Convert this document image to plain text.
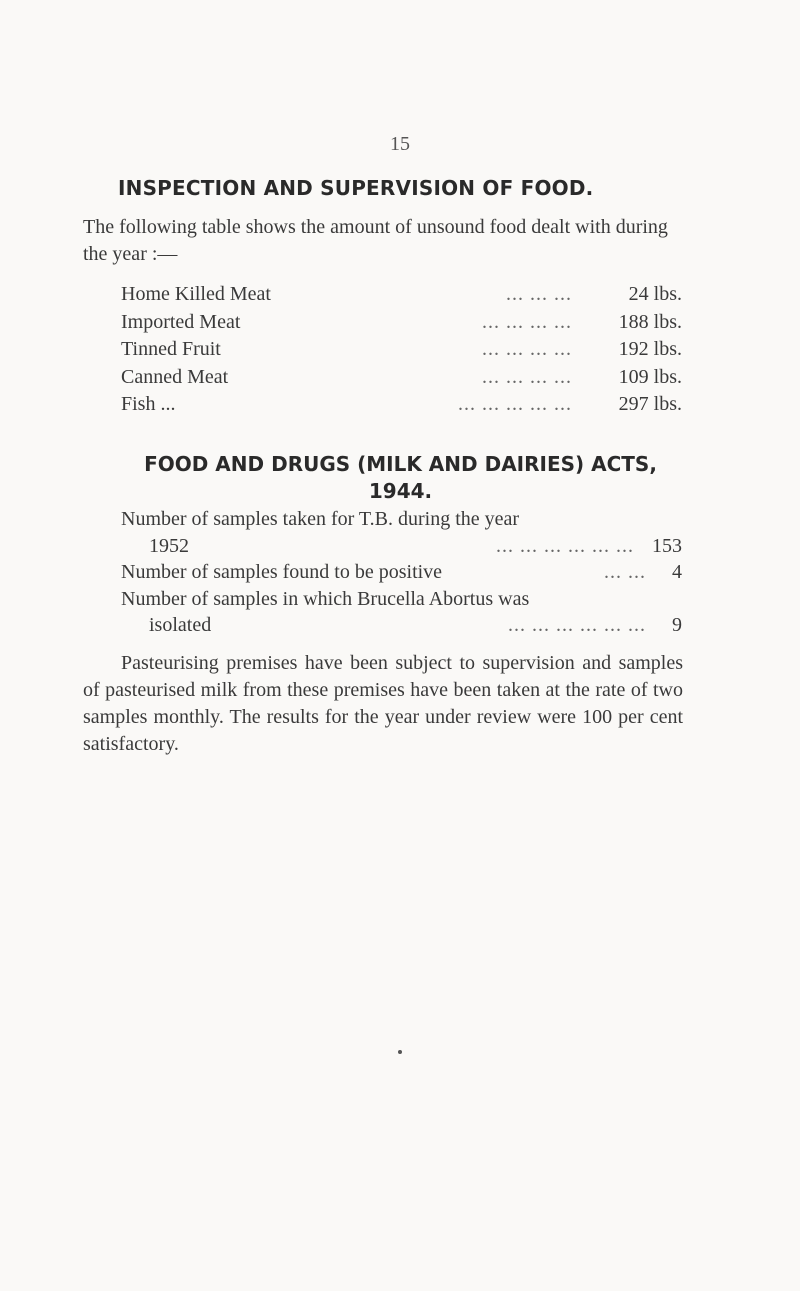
15
INSPECTION AND SUPERVISION OF FOOD.

The following table shows the amount of unsound food dealt with during the year :—

Home Killed Meat	... ... ...	24 lbs.
Imported Meat	... ... ... ...	188 lbs.
Tinned Fruit	... ... ... ...	192 lbs.
Canned Meat	... ... ... ...	109 lbs.
Fish ...	... ... ... ... ...	297 lbs.
FOOD AND DRUGS (MILK AND DAIRIES) ACTS, 1944.
Number of samples taken for T.B. during the year
1952	... ... ... ... ... ... 153
Number of samples found to be positive	... ...	4
Number of samples in which Brucella Abortus was
isolated	... ... ... ... ... ...	9

Pasteurising premises have been subject to supervision and samples of pasteurised milk from these premises have been taken at the rate of two samples monthly. The results for the year under review were 100 per cent satisfactory.
